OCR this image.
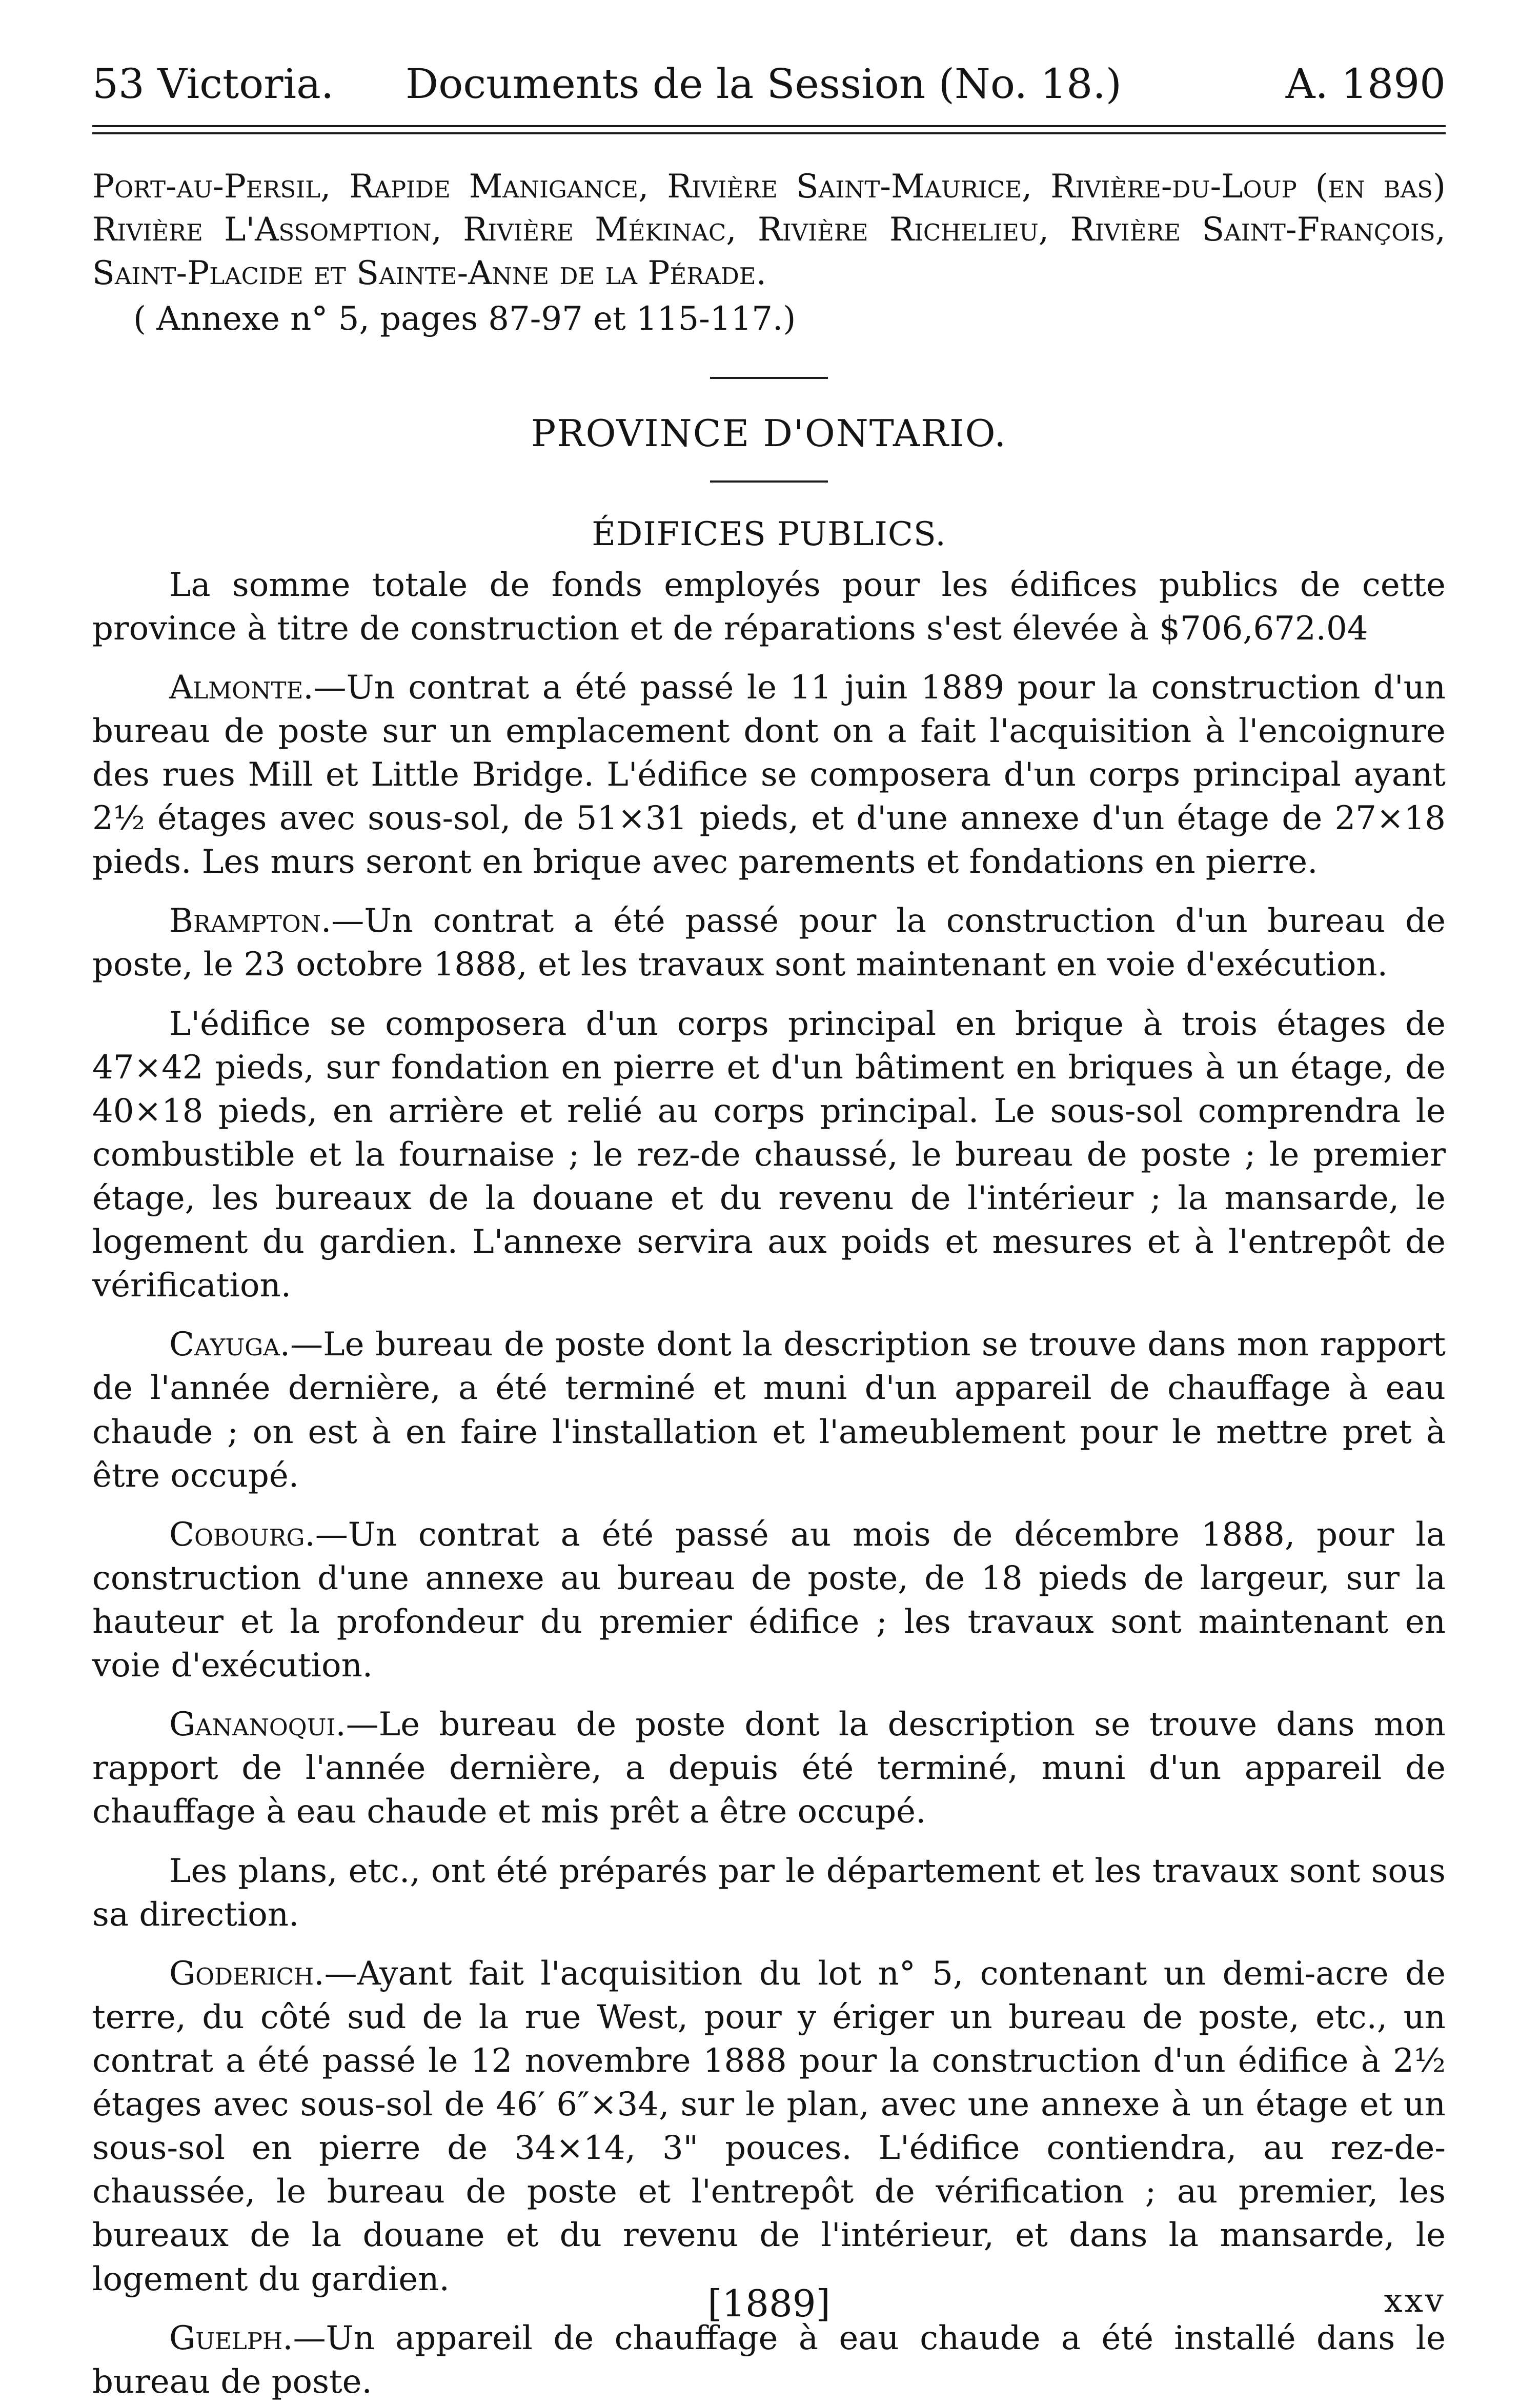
53 Victoria.	Documents de la Session (No. 18.)	A. 1890
Port-au-Persil, Rapide Manigance, Rivière Saint-Maurice, Rivière-du-Loup (en bas) Rivière L'Assomption, Rivière Mékinac, Rivière Richelieu, Rivière Saint-François, Saint-Placide et Sainte-Anne de la Pérade.
( Annexe n° 5, pages 87-97 et 115-117.)
PROVINCE D'ONTARIO.
ÉDIFICES PUBLICS.

La somme totale de fonds employés pour les édifices publics de cette province à titre de construction et de réparations s'est élevée à $706,672.04

Almonte.—Un contrat a été passé le 11 juin 1889 pour la construction d'un bureau de poste sur un emplacement dont on a fait l'acquisition à l'encoignure des rues Mill et Little Bridge. L'édifice se composera d'un corps principal ayant 2½ étages avec sous-sol, de 51×31 pieds, et d'une annexe d'un étage de 27×18 pieds. Les murs seront en brique avec parements et fondations en pierre.

Brampton.—Un contrat a été passé pour la construction d'un bureau de poste, le 23 octobre 1888, et les travaux sont maintenant en voie d'exécution.

L'édifice se composera d'un corps principal en brique à trois étages de 47×42 pieds, sur fondation en pierre et d'un bâtiment en briques à un étage, de 40×18 pieds, en arrière et relié au corps principal. Le sous-sol comprendra le combustible et la fournaise ; le rez-de chaussé, le bureau de poste ; le premier étage, les bureaux de la douane et du revenu de l'intérieur ; la mansarde, le logement du gardien. L'annexe servira aux poids et mesures et à l'entrepôt de vérification.

Cayuga.—Le bureau de poste dont la description se trouve dans mon rapport de l'année dernière, a été terminé et muni d'un appareil de chauffage à eau chaude ; on est à en faire l'installation et l'ameublement pour le mettre pret à être occupé.

Cobourg.—Un contrat a été passé au mois de décembre 1888, pour la construction d'une annexe au bureau de poste, de 18 pieds de largeur, sur la hauteur et la profondeur du premier édifice ; les travaux sont maintenant en voie d'exécution.

Gananoqui.—Le bureau de poste dont la description se trouve dans mon rapport de l'année dernière, a depuis été terminé, muni d'un appareil de chauffage à eau chaude et mis prêt a être occupé.

Les plans, etc., ont été préparés par le département et les travaux sont sous sa direction.

Goderich.—Ayant fait l'acquisition du lot n° 5, contenant un demi-acre de terre, du côté sud de la rue West, pour y ériger un bureau de poste, etc., un contrat a été passé le 12 novembre 1888 pour la construction d'un édifice à 2½ étages avec sous-sol de 46′ 6″×34, sur le plan, avec une annexe à un étage et un sous-sol en pierre de 34×14, 3" pouces. L'édifice contiendra, au rez-de-chaussée, le bureau de poste et l'entrepôt de vérification ; au premier, les bureaux de la douane et du revenu de l'intérieur, et dans la mansarde, le logement du gardien.

Guelph.—Un appareil de chauffage à eau chaude a été installé dans le bureau de poste.

[1889]	xxv
